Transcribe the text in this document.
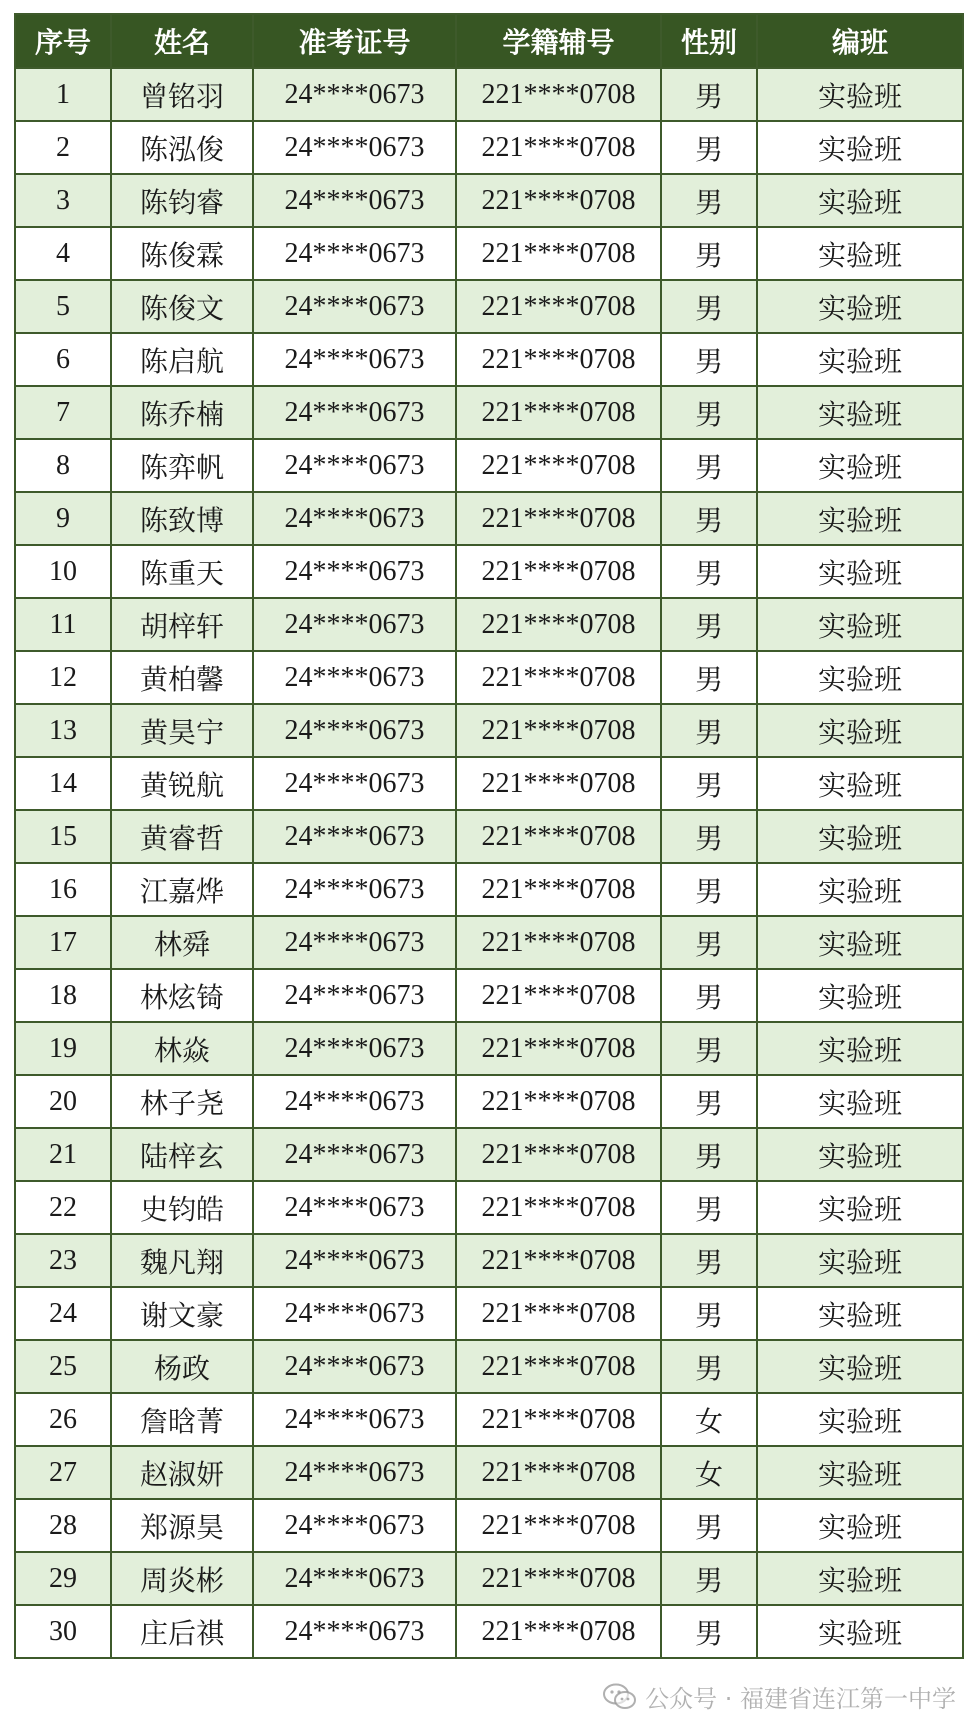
序号	姓名	准考证号	学籍辅号	性别	编班
1	曾铭羽	24****0673	221****0708	男	实验班
2	陈泓俊	24****0673	221****0708	男	实验班
3	陈钧睿	24****0673	221****0708	男	实验班
4	陈俊霖	24****0673	221****0708	男	实验班
5	陈俊文	24****0673	221****0708	男	实验班
6	陈启航	24****0673	221****0708	男	实验班
7	陈乔楠	24****0673	221****0708	男	实验班
8	陈弈帆	24****0673	221****0708	男	实验班
9	陈致博	24****0673	221****0708	男	实验班
10	陈重天	24****0673	221****0708	男	实验班
11	胡梓轩	24****0673	221****0708	男	实验班
12	黄柏馨	24****0673	221****0708	男	实验班
13	黄昊宁	24****0673	221****0708	男	实验班
14	黄锐航	24****0673	221****0708	男	实验班
15	黄睿哲	24****0673	221****0708	男	实验班
16	江嘉烨	24****0673	221****0708	男	实验班
17	林舜	24****0673	221****0708	男	实验班
18	林炫锜	24****0673	221****0708	男	实验班
19	林焱	24****0673	221****0708	男	实验班
20	林子尧	24****0673	221****0708	男	实验班
21	陆梓玄	24****0673	221****0708	男	实验班
22	史钧皓	24****0673	221****0708	男	实验班
23	魏凡翔	24****0673	221****0708	男	实验班
24	谢文豪	24****0673	221****0708	男	实验班
25	杨政	24****0673	221****0708	男	实验班
26	詹晗菁	24****0673	221****0708	女	实验班
27	赵淑妍	24****0673	221****0708	女	实验班
28	郑源昊	24****0673	221****0708	男	实验班
29	周炎彬	24****0673	221****0708	男	实验班
30	庄后祺	24****0673	221****0708	男	实验班
公众号 · 福建省连江第一中学
